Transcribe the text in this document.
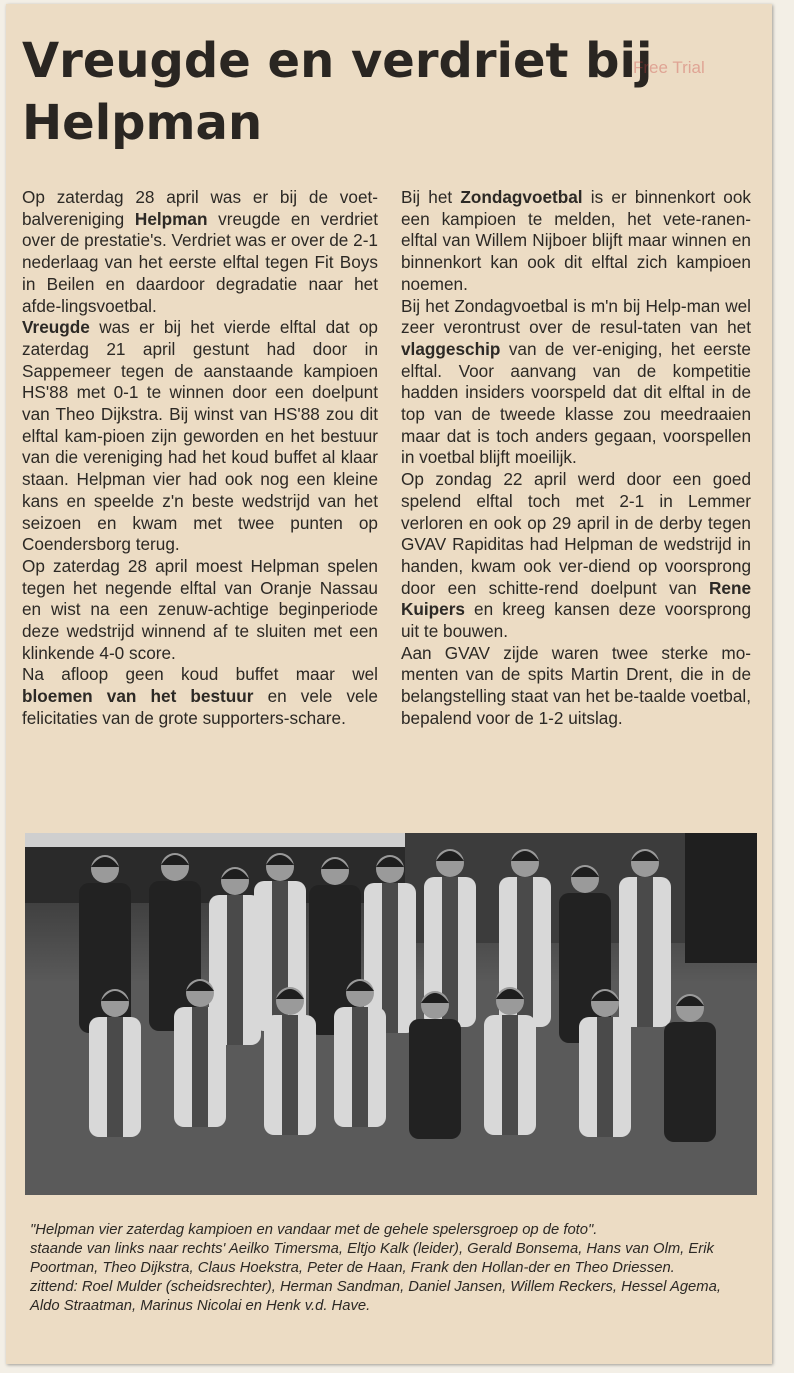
Vreugde en verdriet bij
Helpman
Free Trial

Op zaterdag 28 april was er bij de voet-balvereniging Helpman vreugde en verdriet over de prestatie's. Verdriet was er over de 2-1 nederlaag van het eerste elftal tegen Fit Boys in Beilen en daardoor degradatie naar het afde-lingsvoetbal.

Vreugde was er bij het vierde elftal dat op zaterdag 21 april gestunt had door in Sappemeer tegen de aanstaande kampioen HS'88 met 0-1 te winnen door een doelpunt van Theo Dijkstra. Bij winst van HS'88 zou dit elftal kam-pioen zijn geworden en het bestuur van die vereniging had het koud buffet al klaar staan. Helpman vier had ook nog een kleine kans en speelde z'n beste wedstrijd van het seizoen en kwam met twee punten op Coendersborg terug.

Op zaterdag 28 april moest Helpman spelen tegen het negende elftal van Oranje Nassau en wist na een zenuw-achtige beginperiode deze wedstrijd winnend af te sluiten met een klinkende 4-0 score.

Na afloop geen koud buffet maar wel bloemen van het bestuur en vele vele felicitaties van de grote supporters-schare.

Bij het Zondagvoetbal is er binnenkort ook een kampioen te melden, het vete-ranen-elftal van Willem Nijboer blijft maar winnen en binnenkort kan ook dit elftal zich kampioen noemen.

Bij het Zondagvoetbal is m'n bij Help-man wel zeer verontrust over de resul-taten van het vlaggeschip van de ver-eniging, het eerste elftal. Voor aanvang van de kompetitie hadden insiders voorspeld dat dit elftal in de top van de tweede klasse zou meedraaien maar dat is toch anders gegaan, voorspellen in voetbal blijft moeilijk.

Op zondag 22 april werd door een goed spelend elftal toch met 2-1 in Lemmer verloren en ook op 29 april in de derby tegen GVAV Rapiditas had Helpman de wedstrijd in handen, kwam ook ver-diend op voorsprong door een schitte-rend doelpunt van Rene Kuipers en kreeg kansen deze voorsprong uit te bouwen.

Aan GVAV zijde waren twee sterke mo-menten van de spits Martin Drent, die in de belangstelling staat van het be-taalde voetbal, bepalend voor de 1-2 uitslag.

"Helpman vier zaterdag kampioen en vandaar met de gehele spelersgroep op de foto".

staande van links naar rechts' Aeilko Timersma, Eltjo Kalk (leider), Gerald Bonsema, Hans van Olm, Erik Poortman, Theo Dijkstra, Claus Hoekstra, Peter de Haan, Frank den Hollan-der en Theo Driessen.

zittend: Roel Mulder (scheidsrechter), Herman Sandman, Daniel Jansen, Willem Reckers, Hessel Agema, Aldo Straatman, Marinus Nicolai en Henk v.d. Have.
